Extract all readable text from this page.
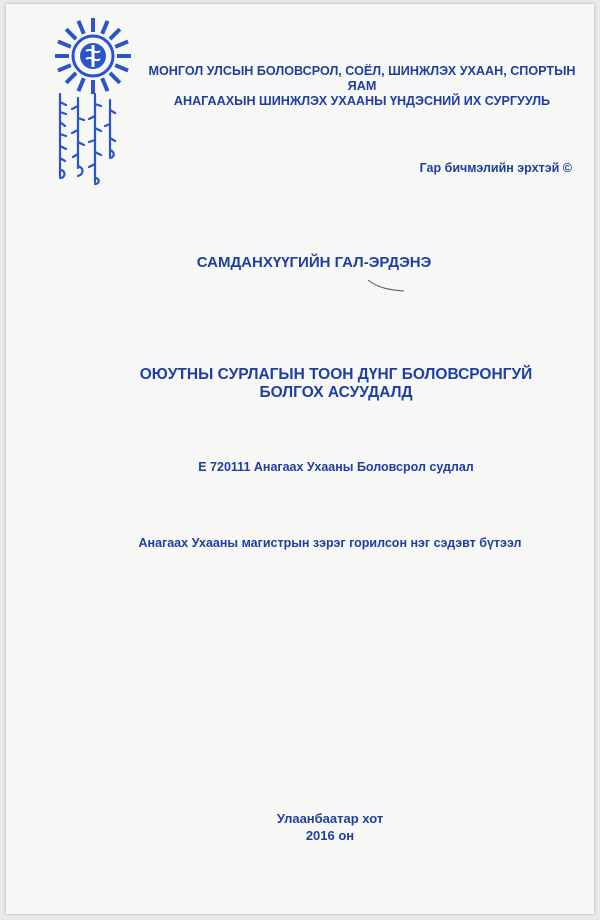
МОНГОЛ УЛСЫН БОЛОВСРОЛ, СОЁЛ, ШИНЖЛЭХ УХААН, СПОРТЫН ЯАМ
АНАГААХЫН ШИНЖЛЭХ УХААНЫ ҮНДЭСНИЙ ИХ СУРГУУЛЬ
Гар бичмэлийн эрхтэй ©
САМДАНХҮҮГИЙН ГАЛ-ЭРДЭНЭ
ОЮУТНЫ СУРЛАГЫН ТООН ДҮНГ БОЛОВСРОНГУЙ
БОЛГОХ АСУУДАЛД
Е 720111 Анагаах Ухааны Боловсрол судлал
Анагаах Ухааны магистрын зэрэг горилсон нэг сэдэвт бүтээл
Улаанбаатар хот
2016 он
